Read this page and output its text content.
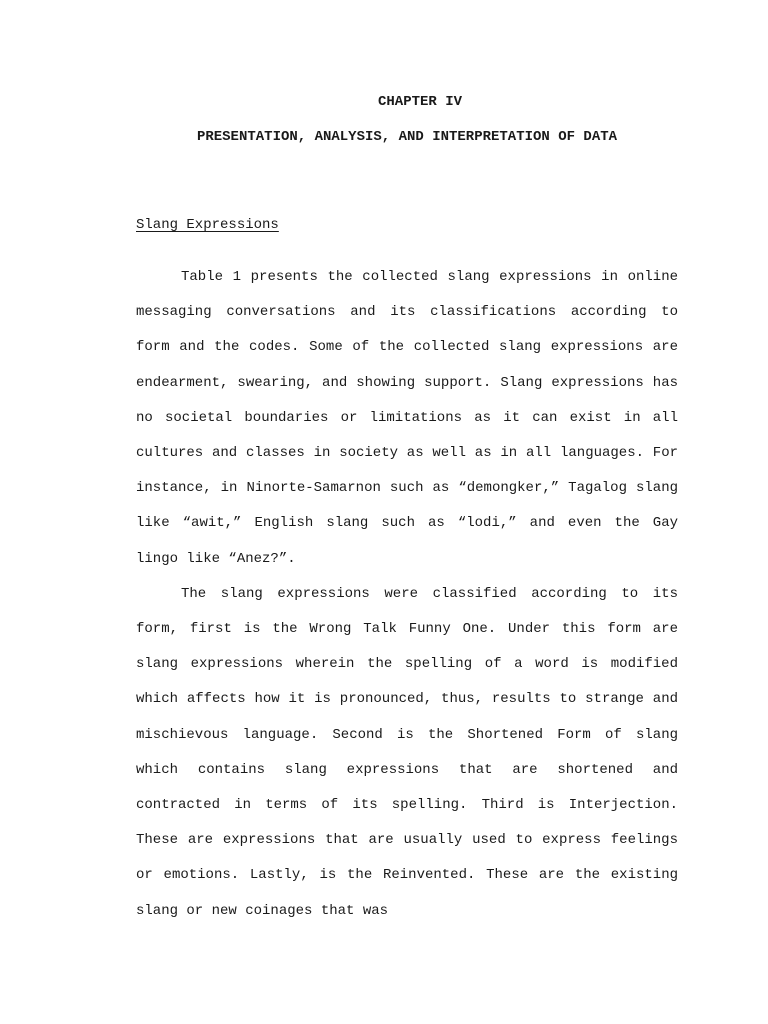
CHAPTER IV
PRESENTATION, ANALYSIS, AND INTERPRETATION OF DATA
Slang Expressions

Table 1 presents the collected slang expressions in online messaging conversations and its classifications according to form and the codes. Some of the collected slang expressions are endearment, swearing, and showing support. Slang expressions has no societal boundaries or limitations as it can exist in all cultures and classes in society as well as in all languages. For instance, in Ninorte-Samarnon such as “demongker,” Tagalog slang like “awit,” English slang such as “lodi,” and even the Gay lingo like “Anez?”.

The slang expressions were classified according to its form, first is the Wrong Talk Funny One. Under this form are slang expressions wherein the spelling of a word is modified which affects how it is pronounced, thus, results to strange and mischievous language. Second is the Shortened Form of slang which contains slang expressions that are shortened and contracted in terms of its spelling. Third is Interjection. These are expressions that are usually used to express feelings or emotions. Lastly, is the Reinvented. These are the existing slang or new coinages that was
